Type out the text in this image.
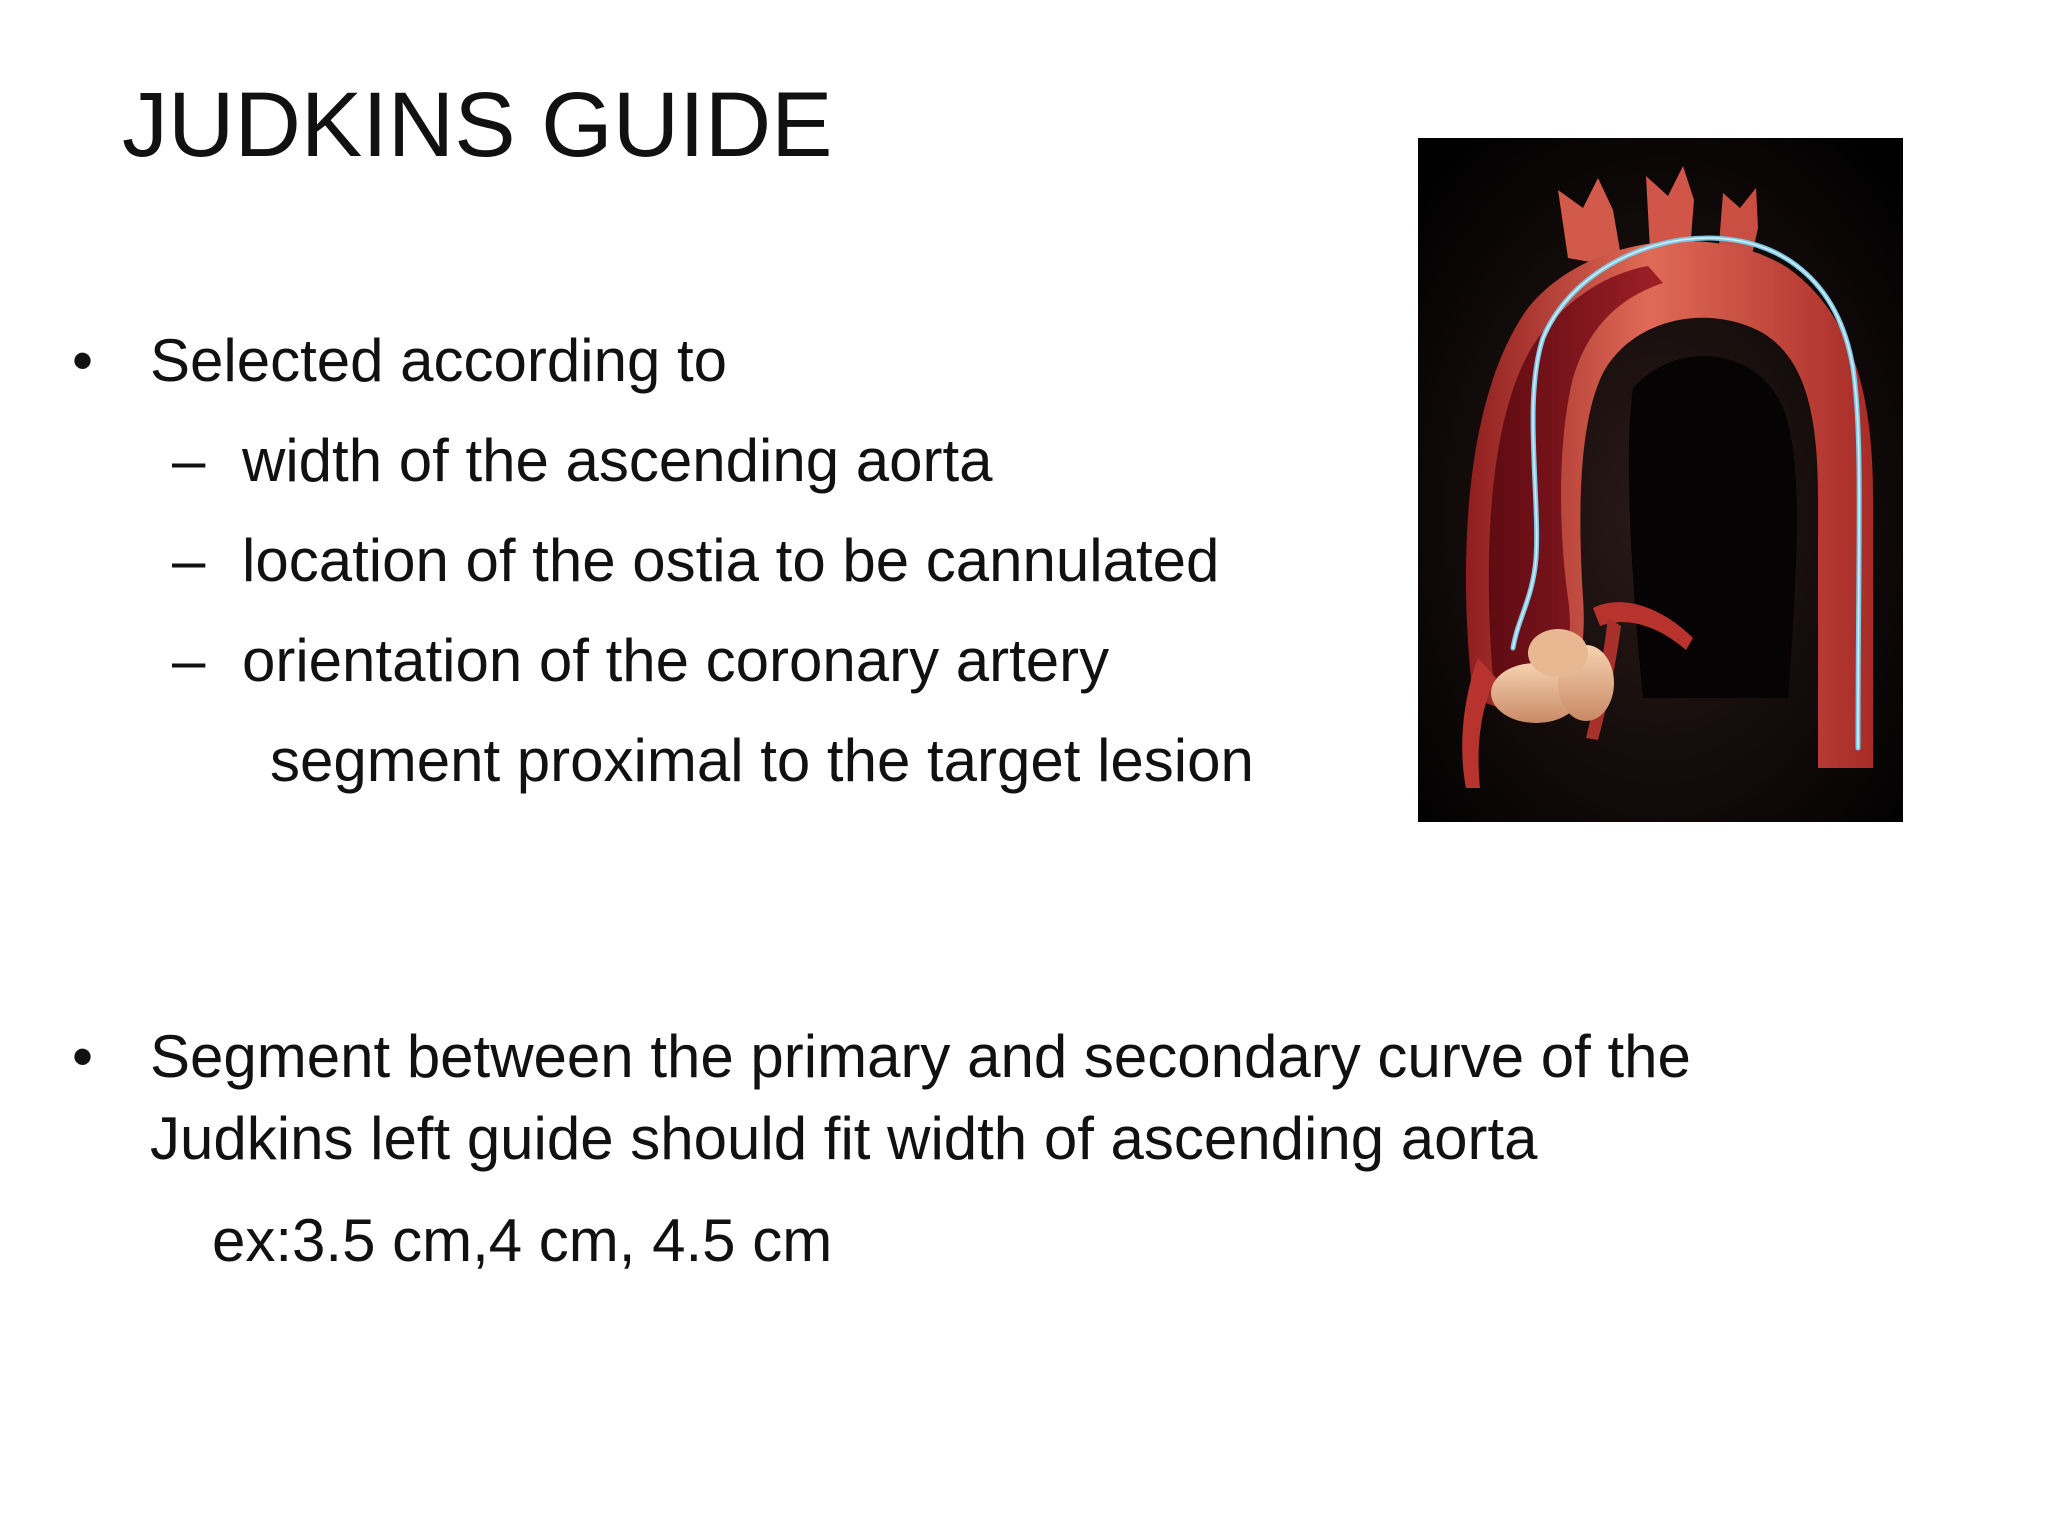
JUDKINS GUIDE
• Selected according to
– width of the ascending aorta
– location of the ostia to be cannulated
– orientation of the coronary artery
segment proximal to the target lesion
• Segment between the primary and secondary curve of the
Judkins left guide should fit width of ascending aorta
ex:3.5 cm,4 cm, 4.5 cm
